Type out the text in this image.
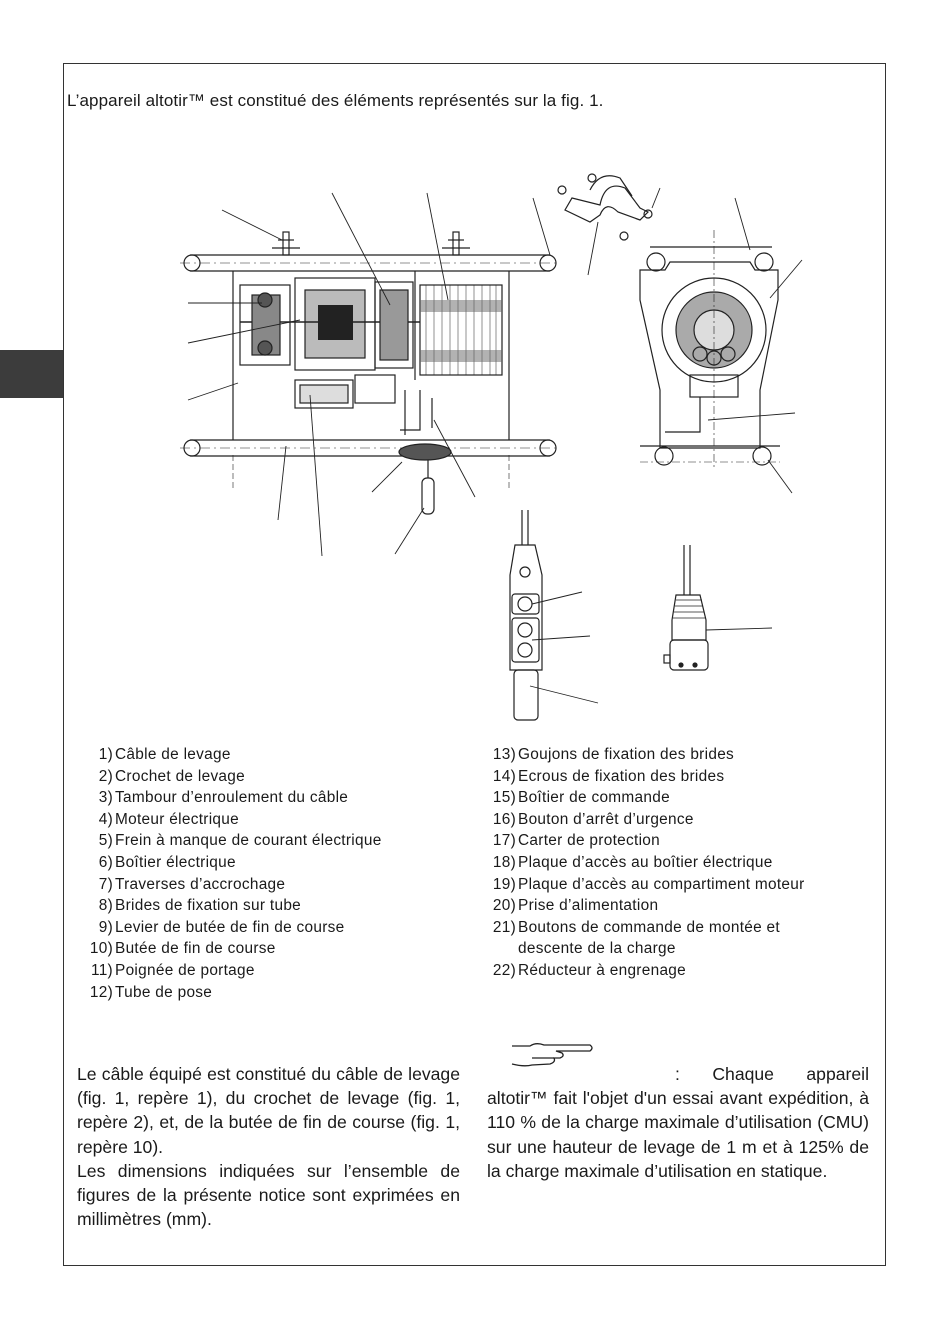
L’appareil altotir™ est constitué des éléments représentés sur la fig. 1.
1) Câble de levage
2) Crochet de levage
3) Tambour d’enroulement du câble
4) Moteur électrique
5) Frein à manque de courant électrique
6) Boîtier électrique
7) Traverses d’accrochage
8) Brides de fixation sur tube
9) Levier de butée de fin de course
10) Butée de fin de course
11) Poignée de portage
12) Tube de pose
13) Goujons de fixation des brides
14) Ecrous de fixation des brides
15) Boîtier de commande
16) Bouton d’arrêt d’urgence
17) Carter de protection
18) Plaque d’accès au boîtier électrique
19) Plaque d’accès au compartiment moteur
20) Prise d’alimentation
21) Boutons de commande de montée et descente de la charge
22) Réducteur à engrenage

Le câble équipé est constitué du câble de levage (fig. 1, repère 1), du crochet de levage (fig. 1, repère 2), et, de la butée de fin de course (fig. 1, repère 10).

Les dimensions indiquées sur l’ensemble de figures de la présente notice sont exprimées en millimètres (mm).

: Chaque appareil

altotir™ fait l'objet d'un essai avant expédition, à 110 % de la charge maximale d’utilisation (CMU) sur une hauteur de levage de 1 m et à 125% de la charge maximale d’utilisation en statique.
